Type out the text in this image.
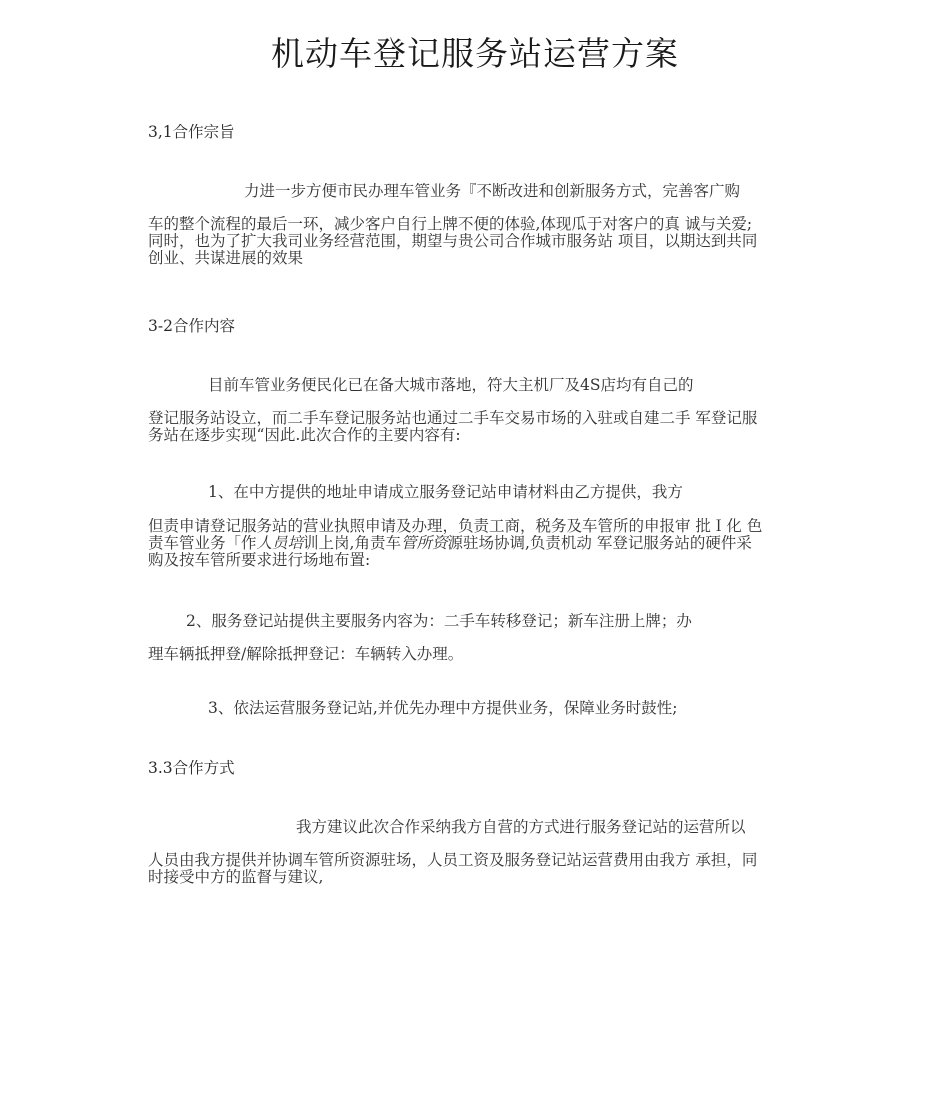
机动车登记服务站运营方案
3,1合作宗旨
力进一步方便市民办理车管业务『不断改进和创新服务方式，完善客广购
车的整个流程的最后一环，减少客户自行上牌不便的体验,体现瓜于对客户的真 诚与关爱;
同时，也为了扩大我司业务经营范围，期望与贵公司合作城市服务站 项目，以期达到共同
创业、共谋进展的效果
3-2合作内容
目前车管业务便民化已在备大城市落地，符大主机厂及4S店均有自己的
登记服务站设立，而二手车登记服务站也通过二手车交易市场的入驻或自建二手 军登记服
务站在逐步实现“因此.此次合作的主要内容有:
1、在中方提供的地址申请成立服务登记站申请材料由乙方提供，我方
但责申请登记服务站的营业执照申请及办理，负责工商，税务及车管所的申报审 批Ｉ化 色
责车管业务「作人员培训上岗,角责车管所资源驻场协调,负责机动 军登记服务站的硬件采
购及按车管所要求进行场地布置:
2、服务登记站提供主要服务内容为：二手车转移登记；新车注册上牌；办
理车辆抵押登/解除抵押登记：车辆转入办理。
3、依法运营服务登记站,并优先办理中方提供业务，保障业务时鼓性;
3.3合作方式
我方建议此次合作采纳我方自营的方式进行服务登记站的运营所以
人员由我方提供并协调车管所资源驻场，人员工资及服务登记站运营费用由我方 承担，同
时接受中方的监督与建议,
